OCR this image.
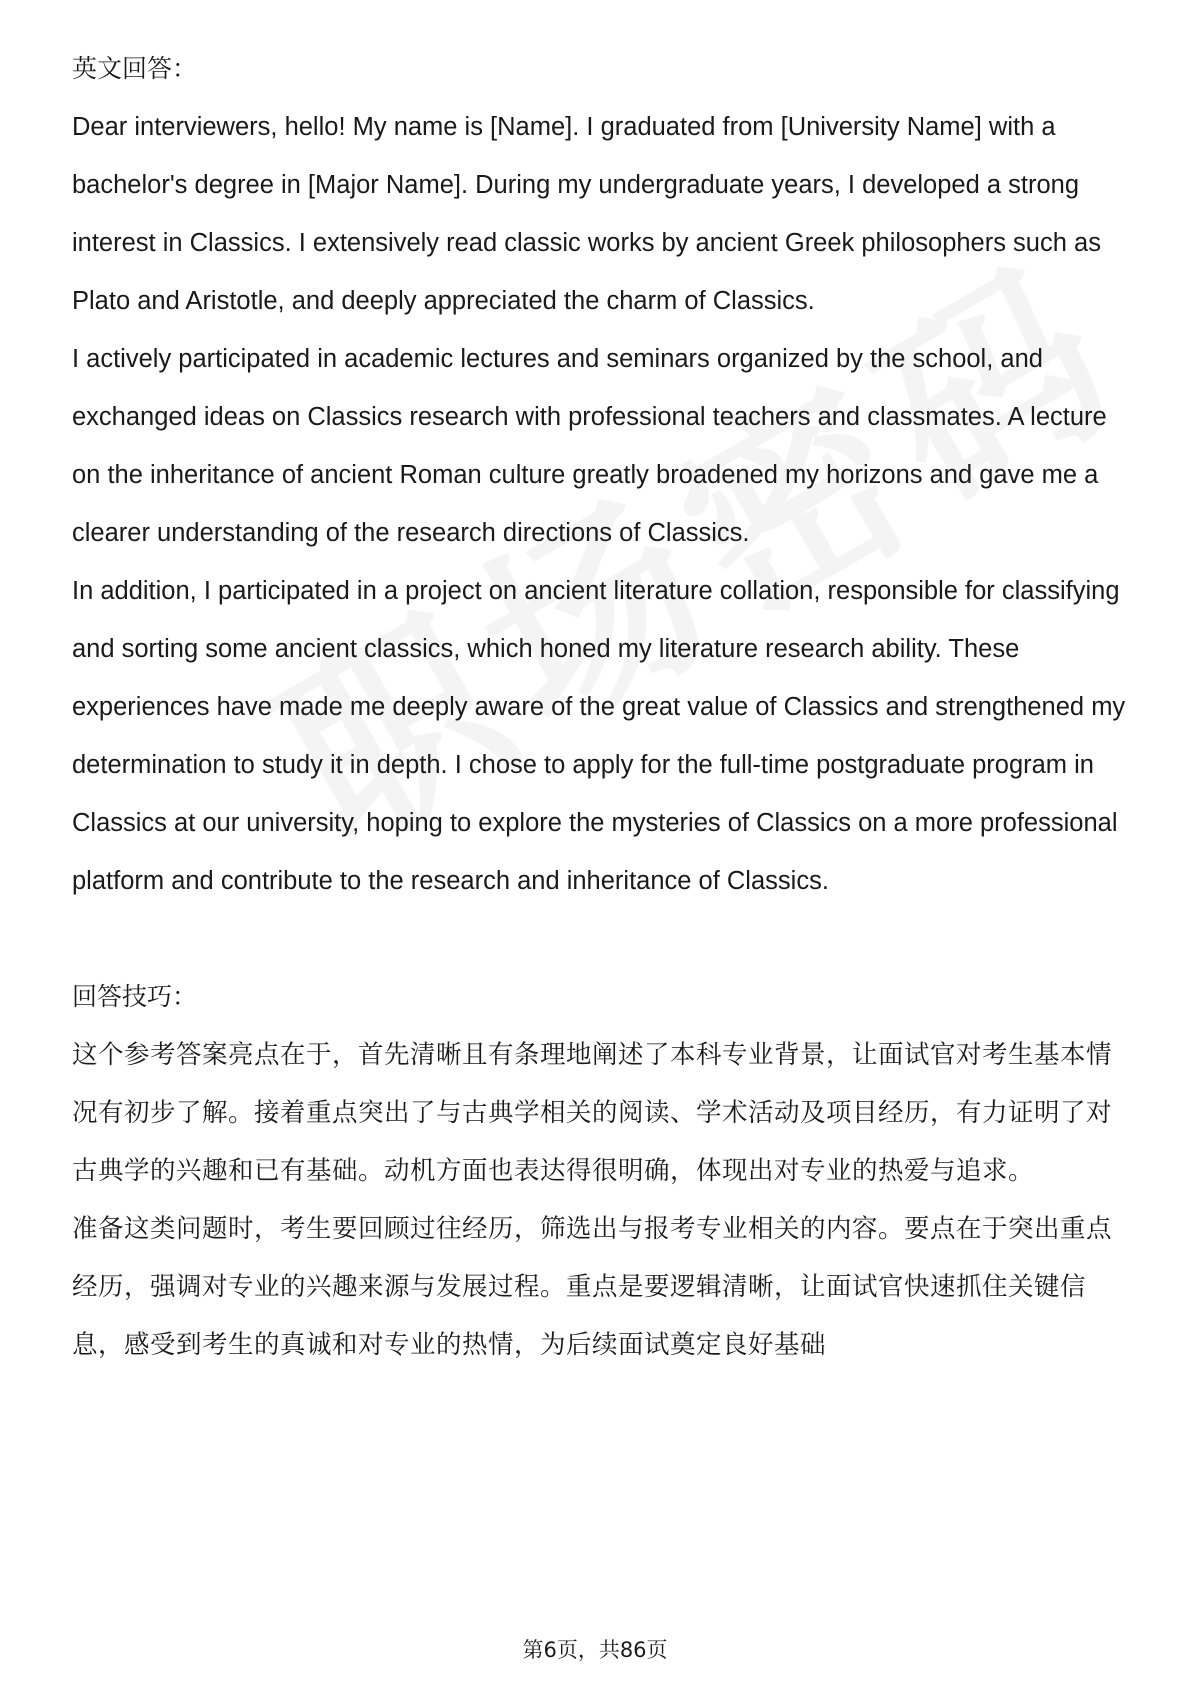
英文回答：

Dear interviewers, hello! My name is [Name]. I graduated from [University Name] with a bachelor's degree in [Major Name]. During my undergraduate years, I developed a strong interest in Classics. I extensively read classic works by ancient Greek philosophers such as Plato and Aristotle, and deeply appreciated the charm of Classics.

I actively participated in academic lectures and seminars organized by the school, and exchanged ideas on Classics research with professional teachers and classmates. A lecture on the inheritance of ancient Roman culture greatly broadened my horizons and gave me a clearer understanding of the research directions of Classics.

In addition, I participated in a project on ancient literature collation, responsible for classifying and sorting some ancient classics, which honed my literature research ability. These experiences have made me deeply aware of the great value of Classics and strengthened my determination to study it in depth. I chose to apply for the full-time postgraduate program in Classics at our university, hoping to explore the mysteries of Classics on a more professional platform and contribute to the research and inheritance of Classics.

回答技巧：

这个参考答案亮点在于，首先清晰且有条理地阐述了本科专业背景，让面试官对考生基本情况有初步了解。接着重点突出了与古典学相关的阅读、学术活动及项目经历，有力证明了对古典学的兴趣和已有基础。动机方面也表达得很明确，体现出对专业的热爱与追求。

准备这类问题时，考生要回顾过往经历，筛选出与报考专业相关的内容。要点在于突出重点经历，强调对专业的兴趣来源与发展过程。重点是要逻辑清晰，让面试官快速抓住关键信息，感受到考生的真诚和对专业的热情，为后续面试奠定良好基础

第6页，共86页
